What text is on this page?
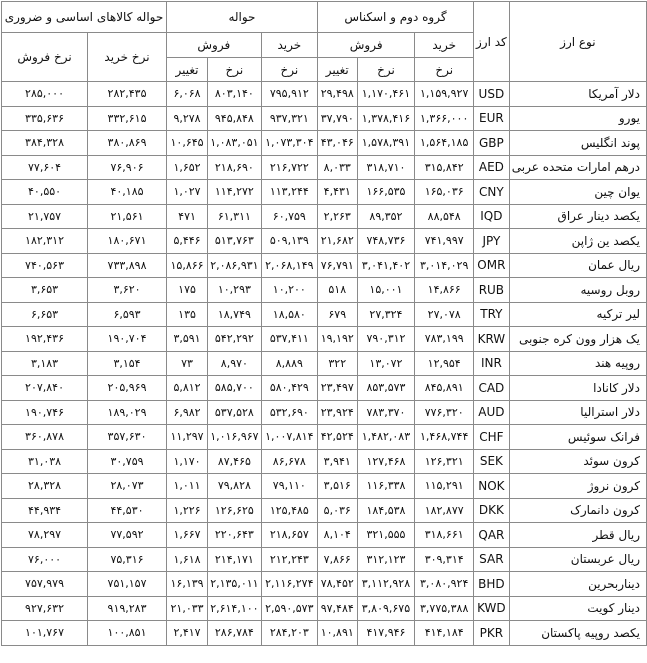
نوع ارز	کد ارز	گروه دوم و اسکناس			حواله			حواله کالاهای اساسی و ضروری	
		خرید	فروش		خرید	فروش		نرخ خرید	نرخ فروش
		نرخ	نرخ	تغییر	نرخ	نرخ	تغییر		
دلار آمریکا	USD	۱,۱۵۹,۹۲۷	۱,۱۷۰,۴۶۱	۲۹,۴۹۸	۷۹۵,۹۱۲	۸۰۳,۱۴۰	۶,۰۶۸	۲۸۲,۴۳۵	۲۸۵,۰۰۰
یورو	EUR	۱,۳۶۶,۰۰۰	۱,۳۷۸,۴۱۶	۳۷,۷۹۰	۹۳۷,۳۲۱	۹۴۵,۸۴۸	۹,۲۷۸	۳۳۲,۶۱۵	۳۳۵,۶۳۶
پوند انگلیس	GBP	۱,۵۶۴,۱۸۵	۱,۵۷۸,۳۹۱	۴۳,۰۴۶	۱,۰۷۳,۳۰۴	۱,۰۸۳,۰۵۱	۱۰,۶۴۵	۳۸۰,۸۶۹	۳۸۴,۳۲۸
درهم امارات متحده عربی	AED	۳۱۵,۸۴۲	۳۱۸,۷۱۰	۸,۰۳۳	۲۱۶,۷۲۲	۲۱۸,۶۹۰	۱,۶۵۲	۷۶,۹۰۶	۷۷,۶۰۴
یوان چین	CNY	۱۶۵,۰۳۶	۱۶۶,۵۳۵	۴,۴۳۱	۱۱۳,۲۴۴	۱۱۴,۲۷۲	۱,۰۲۷	۴۰,۱۸۵	۴۰,۵۵۰
یکصد دینار عراق	IQD	۸۸,۵۴۸	۸۹,۳۵۲	۲,۲۶۳	۶۰,۷۵۹	۶۱,۳۱۱	۴۷۱	۲۱,۵۶۱	۲۱,۷۵۷
یکصد ین ژاپن	JPY	۷۴۱,۹۹۷	۷۴۸,۷۳۶	۲۱,۶۸۲	۵۰۹,۱۳۹	۵۱۳,۷۶۳	۵,۴۴۶	۱۸۰,۶۷۱	۱۸۲,۳۱۲
ریال عمان	OMR	۳,۰۱۴,۰۲۹	۳,۰۴۱,۴۰۲	۷۶,۷۹۱	۲,۰۶۸,۱۴۹	۲,۰۸۶,۹۳۱	۱۵,۸۶۶	۷۳۳,۸۹۸	۷۴۰,۵۶۳
روبل روسیه	RUB	۱۴,۸۶۶	۱۵,۰۰۱	۵۱۸	۱۰,۲۰۰	۱۰,۲۹۳	۱۷۵	۳,۶۲۰	۳,۶۵۳
لیر ترکیه	TRY	۲۷,۰۷۸	۲۷,۳۲۴	۶۷۹	۱۸,۵۸۰	۱۸,۷۴۹	۱۳۵	۶,۵۹۳	۶,۶۵۳
یک هزار وون کره جنوبی	KRW	۷۸۳,۱۹۹	۷۹۰,۳۱۲	۱۹,۱۹۲	۵۳۷,۴۱۱	۵۴۲,۲۹۲	۳,۵۹۱	۱۹۰,۷۰۴	۱۹۲,۴۳۶
روپیه هند	INR	۱۲,۹۵۴	۱۳,۰۷۲	۳۲۲	۸,۸۸۹	۸,۹۷۰	۷۳	۳,۱۵۴	۳,۱۸۳
دلار کانادا	CAD	۸۴۵,۸۹۱	۸۵۳,۵۷۳	۲۳,۴۹۷	۵۸۰,۴۲۹	۵۸۵,۷۰۰	۵,۸۱۲	۲۰۵,۹۶۹	۲۰۷,۸۴۰
دلار استرالیا	AUD	۷۷۶,۳۲۰	۷۸۳,۳۷۰	۲۳,۹۲۴	۵۳۲,۶۹۰	۵۳۷,۵۲۸	۶,۹۸۲	۱۸۹,۰۲۹	۱۹۰,۷۴۶
فرانک سوئیس	CHF	۱,۴۶۸,۷۴۴	۱,۴۸۲,۰۸۳	۴۲,۵۲۴	۱,۰۰۷,۸۱۴	۱,۰۱۶,۹۶۷	۱۱,۲۹۷	۳۵۷,۶۳۰	۳۶۰,۸۷۸
کرون سوئد	SEK	۱۲۶,۳۲۱	۱۲۷,۴۶۸	۳,۹۴۱	۸۶,۶۷۸	۸۷,۴۶۵	۱,۱۷۰	۳۰,۷۵۹	۳۱,۰۳۸
کرون نروژ	NOK	۱۱۵,۲۹۱	۱۱۶,۳۳۸	۳,۵۱۶	۷۹,۱۱۰	۷۹,۸۲۸	۱,۰۱۱	۲۸,۰۷۳	۲۸,۳۲۸
کرون دانمارک	DKK	۱۸۲,۸۷۷	۱۸۴,۵۳۸	۵,۰۳۶	۱۲۵,۴۸۵	۱۲۶,۶۲۵	۱,۲۲۶	۴۴,۵۳۰	۴۴,۹۳۴
ریال قطر	QAR	۳۱۸,۶۶۱	۳۲۱,۵۵۵	۸,۱۰۴	۲۱۸,۶۵۷	۲۲۰,۶۴۳	۱,۶۶۷	۷۷,۵۹۲	۷۸,۲۹۷
ریال عربستان	SAR	۳۰۹,۳۱۴	۳۱۲,۱۲۳	۷,۸۶۶	۲۱۲,۲۴۳	۲۱۴,۱۷۱	۱,۶۱۸	۷۵,۳۱۶	۷۶,۰۰۰
دیناربحرین	BHD	۳,۰۸۰,۹۲۴	۳,۱۱۲,۹۲۸	۷۸,۴۵۲	۲,۱۱۶,۲۷۴	۲,۱۳۵,۰۱۱	۱۶,۱۳۹	۷۵۱,۱۵۷	۷۵۷,۹۷۹
دینار کویت	KWD	۳,۷۷۵,۳۸۸	۳,۸۰۹,۶۷۵	۹۷,۴۸۴	۲,۵۹۰,۵۷۳	۲,۶۱۴,۱۰۰	۲۱,۰۳۳	۹۱۹,۲۸۳	۹۲۷,۶۳۲
یکصد روپیه پاکستان	PKR	۴۱۴,۱۸۴	۴۱۷,۹۴۶	۱۰,۸۹۱	۲۸۴,۲۰۳	۲۸۶,۷۸۴	۲,۴۱۷	۱۰۰,۸۵۱	۱۰۱,۷۶۷
